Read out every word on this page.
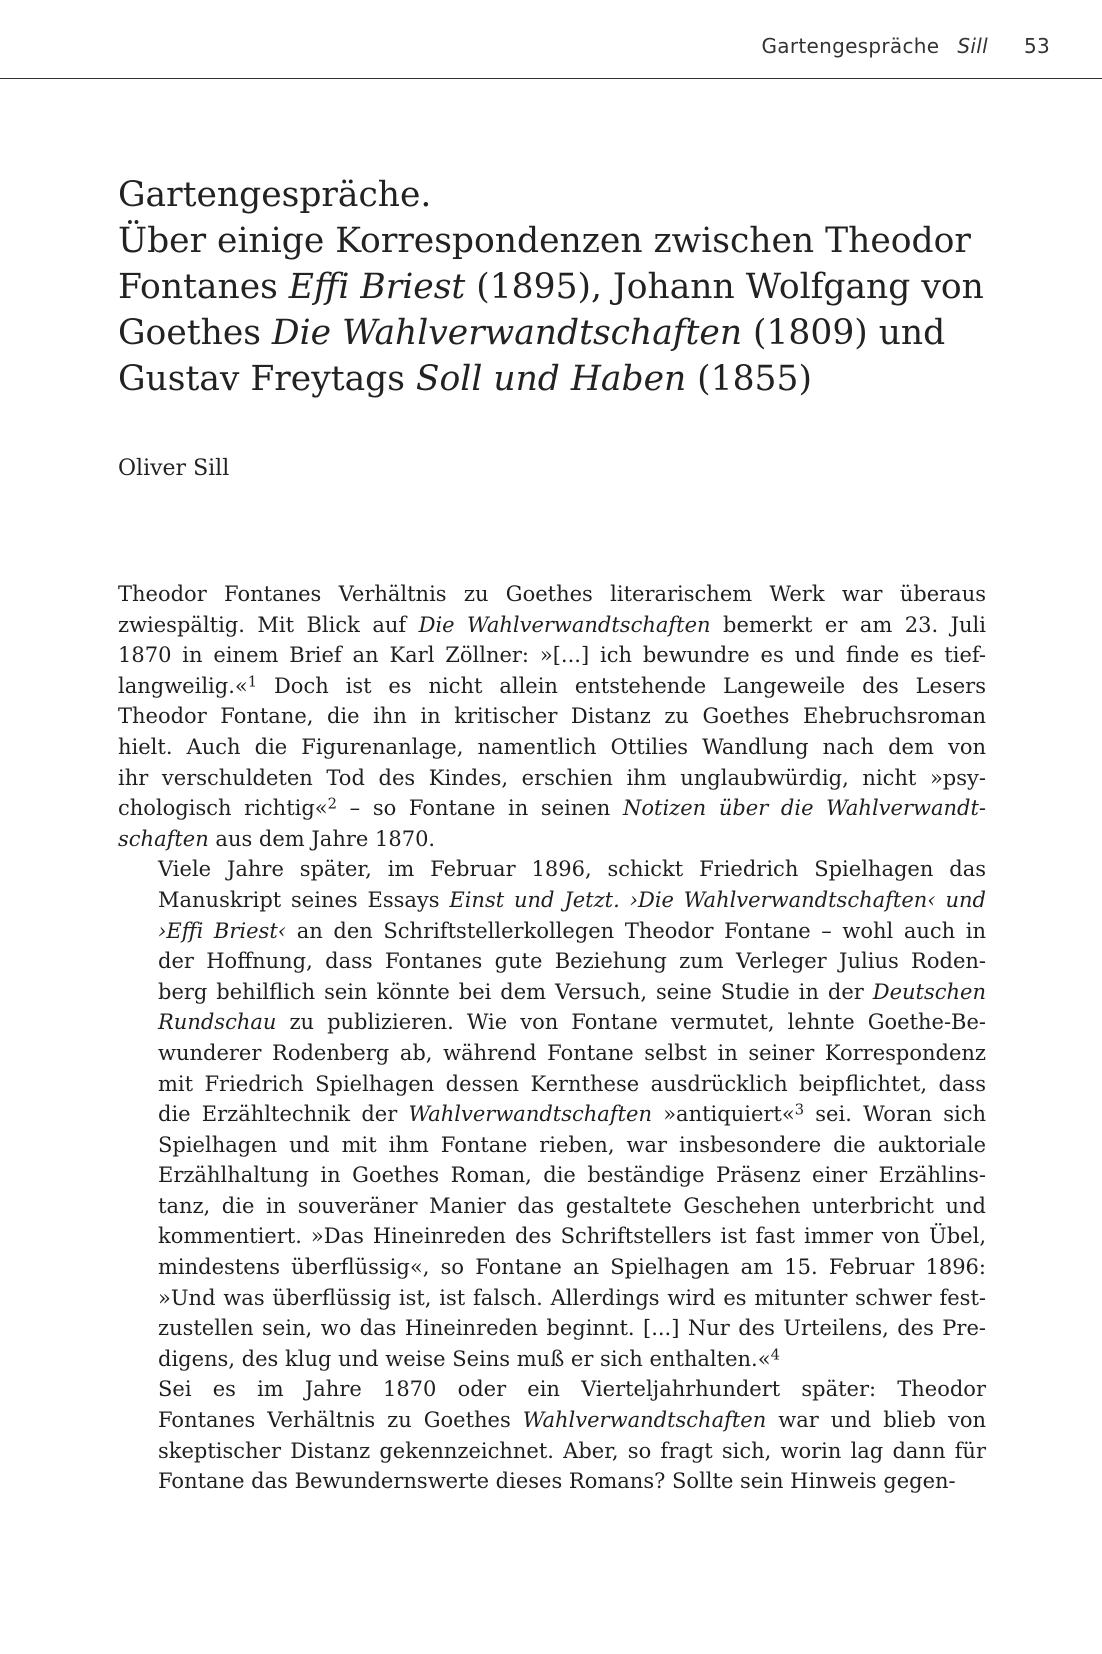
Gartengespräche Sill 53
Gartengespräche.
Über einige Korrespondenzen zwischen Theodor
Fontanes Effi Briest (1895), Johann Wolfgang von
Goethes Die Wahlverwandtschaften (1809) und
Gustav Freytags Soll und Haben (1855)
Oliver Sill

Theodor Fontanes Verhältnis zu Goethes literarischem Werk war überaus
zwiespältig. Mit Blick auf Die Wahlverwandtschaften bemerkt er am 23. Juli
1870 in einem Brief an Karl Zöllner: »[...] ich bewundre es und finde es tief-
langweilig.«$^1$ Doch ist es nicht allein entstehende Langeweile des Lesers
Theodor Fontane, die ihn in kritischer Distanz zu Goethes Ehebruchsroman
hielt. Auch die Figurenanlage, namentlich Ottilies Wandlung nach dem von
ihr verschuldeten Tod des Kindes, erschien ihm unglaubwürdig, nicht »psy-
chologisch richtig«$^2$ – so Fontane in seinen Notizen über die Wahlverwandt-
schaften aus dem Jahre 1870.

Viele Jahre später, im Februar 1896, schickt Friedrich Spielhagen das
Manuskript seines Essays Einst und Jetzt. ›Die Wahlverwandtschaften‹ und
›Effi Briest‹ an den Schriftstellerkollegen Theodor Fontane – wohl auch in
der Hoffnung, dass Fontanes gute Beziehung zum Verleger Julius Roden-
berg behilflich sein könnte bei dem Versuch, seine Studie in der Deutschen
Rundschau zu publizieren. Wie von Fontane vermutet, lehnte Goethe-Be-
wunderer Rodenberg ab, während Fontane selbst in seiner Korrespondenz
mit Friedrich Spielhagen dessen Kernthese ausdrücklich beipflichtet, dass
die Erzähltechnik der Wahlverwandtschaften »antiquiert«$^3$ sei. Woran sich
Spielhagen und mit ihm Fontane rieben, war insbesondere die auktoriale
Erzählhaltung in Goethes Roman, die beständige Präsenz einer Erzählins-
tanz, die in souveräner Manier das gestaltete Geschehen unterbricht und
kommentiert. »Das Hineinreden des Schriftstellers ist fast immer von Übel,
mindestens überflüssig«, so Fontane an Spielhagen am 15. Februar 1896:
»Und was überflüssig ist, ist falsch. Allerdings wird es mitunter schwer fest-
zustellen sein, wo das Hineinreden beginnt. [...] Nur des Urteilens, des Pre-
digens, des klug und weise Seins muß er sich enthalten.«$^4$

Sei es im Jahre 1870 oder ein Vierteljahrhundert später: Theodor
Fontanes Verhältnis zu Goethes Wahlverwandtschaften war und blieb von
skeptischer Distanz gekennzeichnet. Aber, so fragt sich, worin lag dann für
Fontane das Bewundernswerte dieses Romans? Sollte sein Hinweis gegen-
